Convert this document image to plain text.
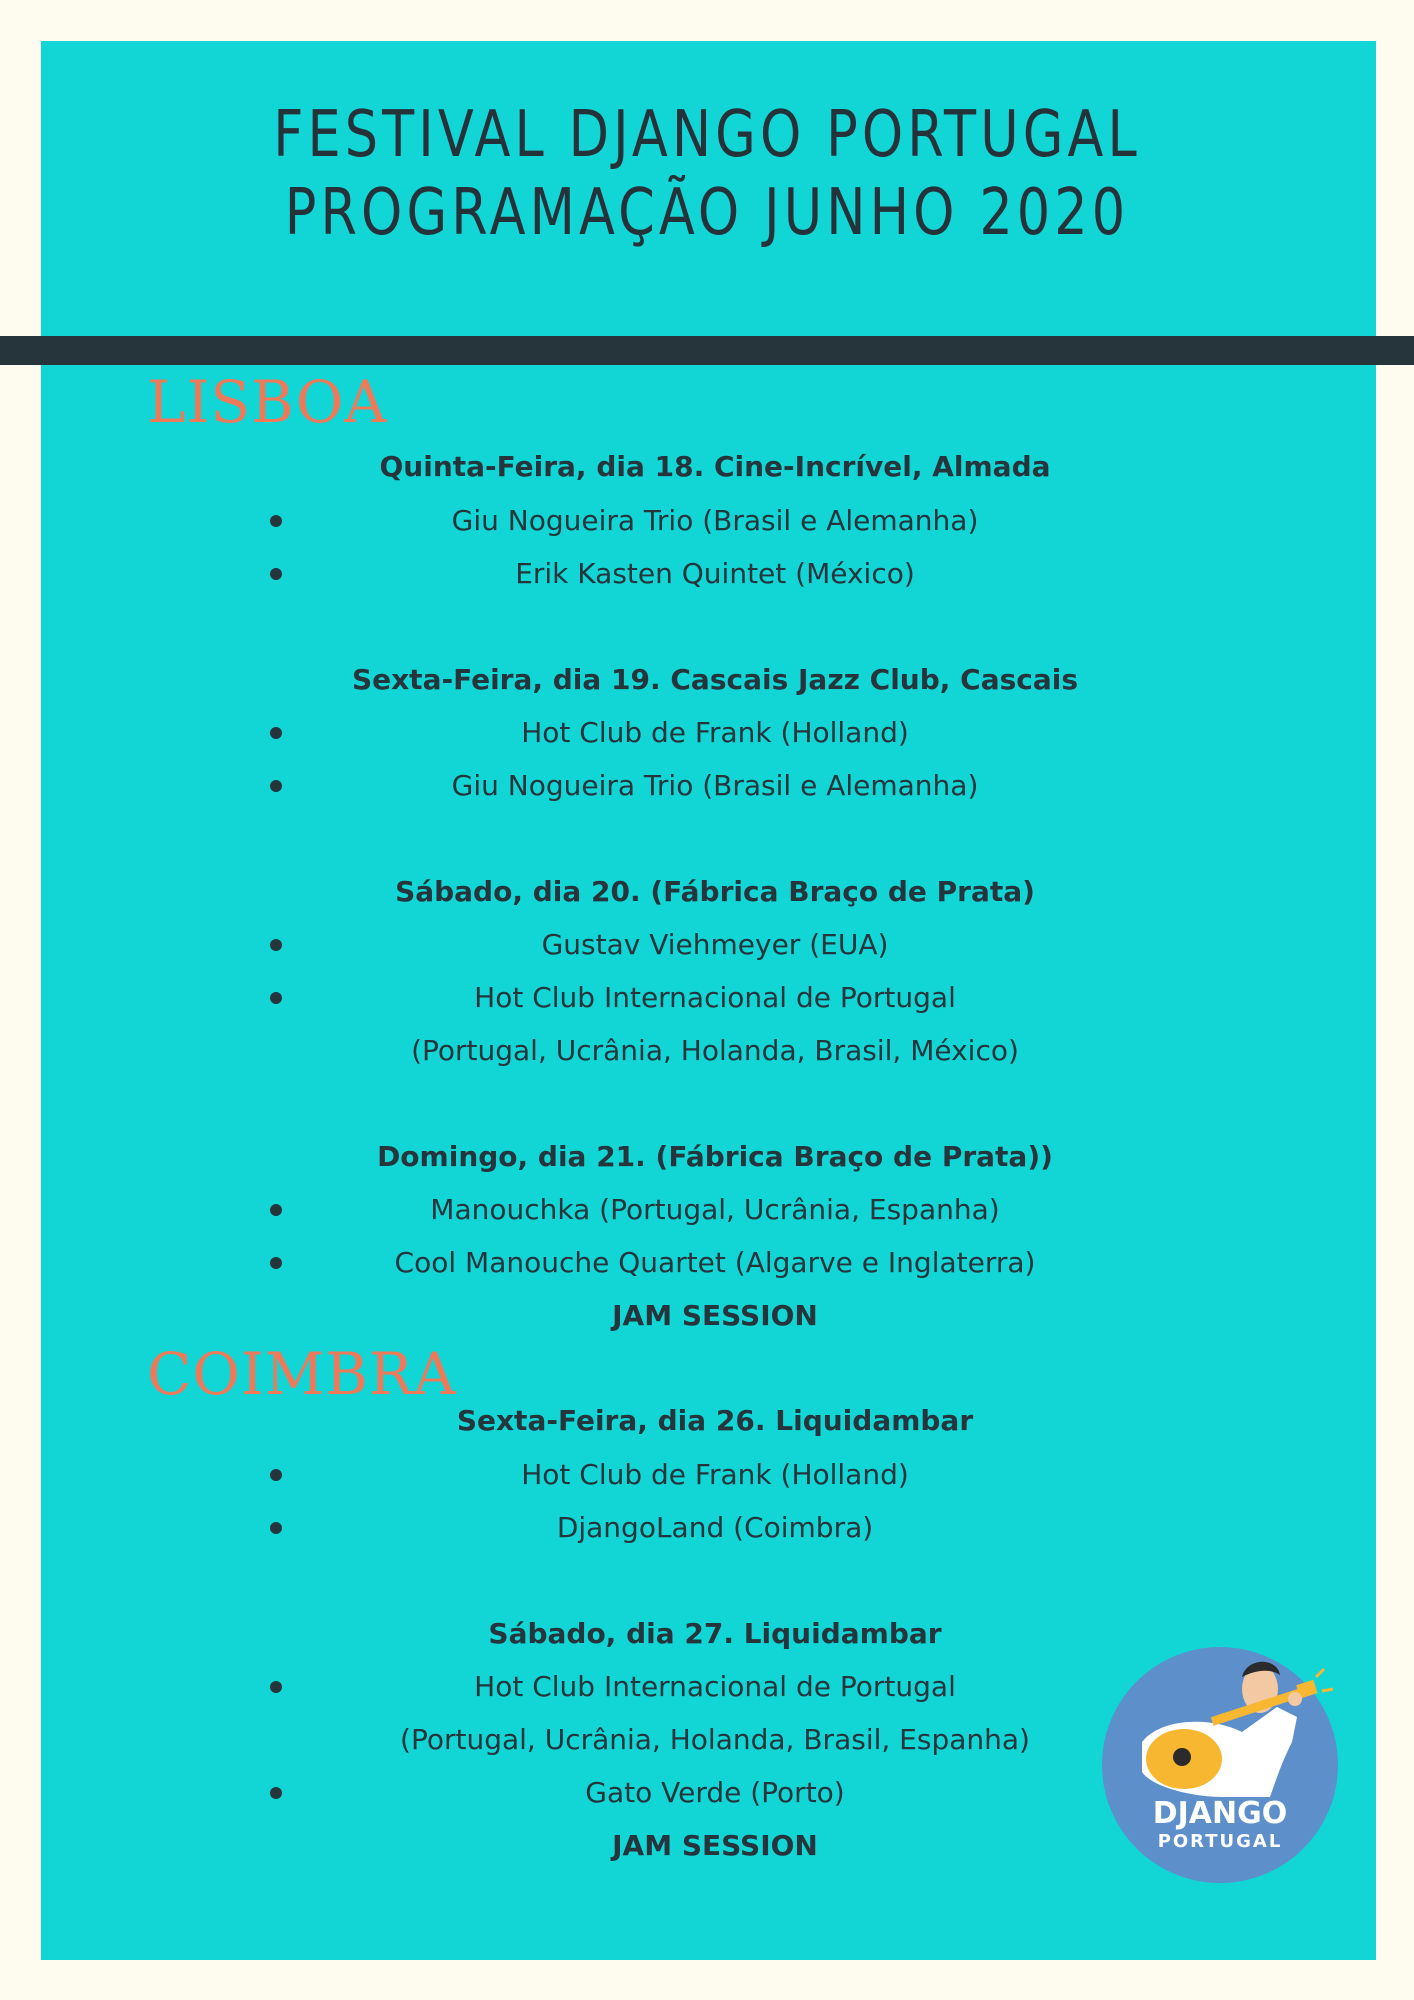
FESTIVAL DJANGO PORTUGAL
PROGRAMAÇÃO JUNHO 2020
LISBOA
Quinta-Feira, dia 18. Cine-Incrível, Almada
Giu Nogueira Trio (Brasil e Alemanha)
Erik Kasten Quintet (México)
Sexta-Feira, dia 19. Cascais Jazz Club, Cascais
Hot Club de Frank (Holland)
Giu Nogueira Trio (Brasil e Alemanha)
Sábado, dia 20. (Fábrica Braço de Prata)
Gustav Viehmeyer (EUA)
Hot Club Internacional de Portugal
(Portugal, Ucrânia, Holanda, Brasil, México)
Domingo, dia 21. (Fábrica Braço de Prata))
Manouchka (Portugal, Ucrânia, Espanha)
Cool Manouche Quartet (Algarve e Inglaterra)
JAM SESSION
COIMBRA
Sexta-Feira, dia 26. Liquidambar
Hot Club de Frank (Holland)
DjangoLand (Coimbra)
Sábado, dia 27. Liquidambar
Hot Club Internacional de Portugal
(Portugal, Ucrânia, Holanda, Brasil, Espanha)
Gato Verde (Porto)
JAM SESSION
DJANGO
PORTUGAL
